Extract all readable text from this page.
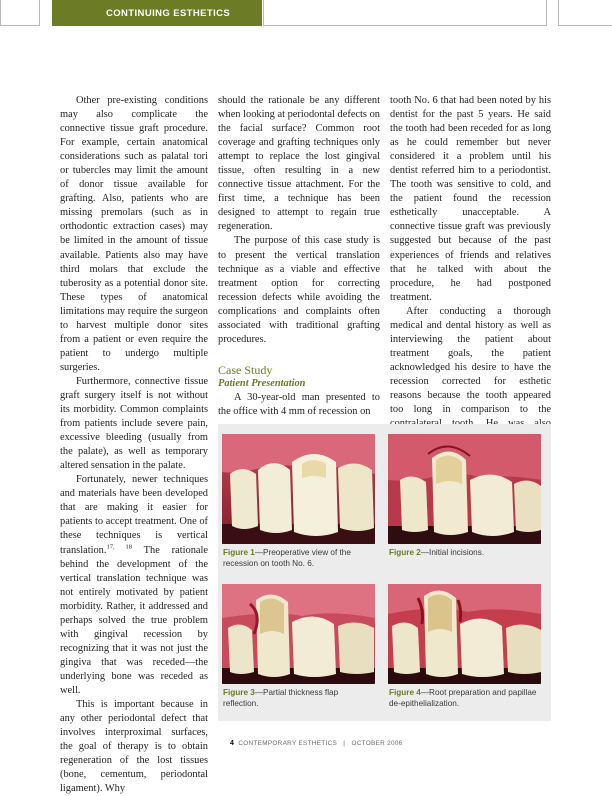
CONTINUING ESTHETICS

Other pre-existing conditions may also complicate the connective tissue graft procedure. For example, certain anatomical considerations such as palatal tori or tubercles may limit the amount of donor tissue available for grafting. Also, patients who are missing premolars (such as in orthodontic extraction cases) may be limited in the amount of tissue available. Patients also may have third molars that exclude the tuberosity as a potential donor site. These types of anatomical limitations may require the surgeon to harvest multiple donor sites from a patient or even require the patient to undergo multiple surgeries.

Furthermore, connective tissue graft surgery itself is not without its morbidity. Common complaints from patients include severe pain, excessive bleeding (usually from the palate), as well as temporary altered sensation in the palate.

Fortunately, newer techniques and materials have been developed that are making it easier for patients to accept treatment. One of these techniques is vertical translation.$^{17, 18}$ The rationale behind the development of the vertical translation technique was not entirely motivated by patient morbidity. Rather, it addressed and perhaps solved the true problem with gingival recession by recognizing that it was not just the gingiva that was receded—the underlying bone was receded as well.

This is important because in any other periodontal defect that involves interproximal surfaces, the goal of therapy is to obtain regeneration of the lost tissues (bone, cementum, periodontal ligament). Why

should the rationale be any different when looking at periodontal defects on the facial surface? Common root coverage and grafting techniques only attempt to replace the lost gingival tissue, often resulting in a new connective tissue attachment. For the first time, a technique has been designed to attempt to regain true regeneration.

The purpose of this case study is to present the vertical translation technique as a viable and effective treatment option for correcting recession defects while avoiding the complications and complaints often associated with traditional grafting procedures.

Case Study
Patient Presentation

A 30-year-old man presented to the office with 4 mm of recession on

tooth No. 6 that had been noted by his dentist for the past 5 years. He said the tooth had been receded for as long as he could remember but never considered it a problem until his dentist referred him to a periodontist. The tooth was sensitive to cold, and the patient found the recession esthetically unacceptable. A connective tissue graft was previously suggested but because of the past experiences of friends and relatives that he talked with about the procedure, he had postponed treatment.

After conducting a thorough medical and dental history as well as interviewing the patient about treatment goals, the patient acknowledged his desire to have the recession corrected for esthetic reasons because the tooth appeared too long in comparison to the

Figure 1—Preoperative view of the recession on tooth No. 6.
Figure 2—Initial incisions.
Figure 3—Partial thickness flap reflection.
Figure 4—Root preparation and papillae de-epithelialization.
4 CONTEMPORARY ESTHETICS | OCTOBER 2006
